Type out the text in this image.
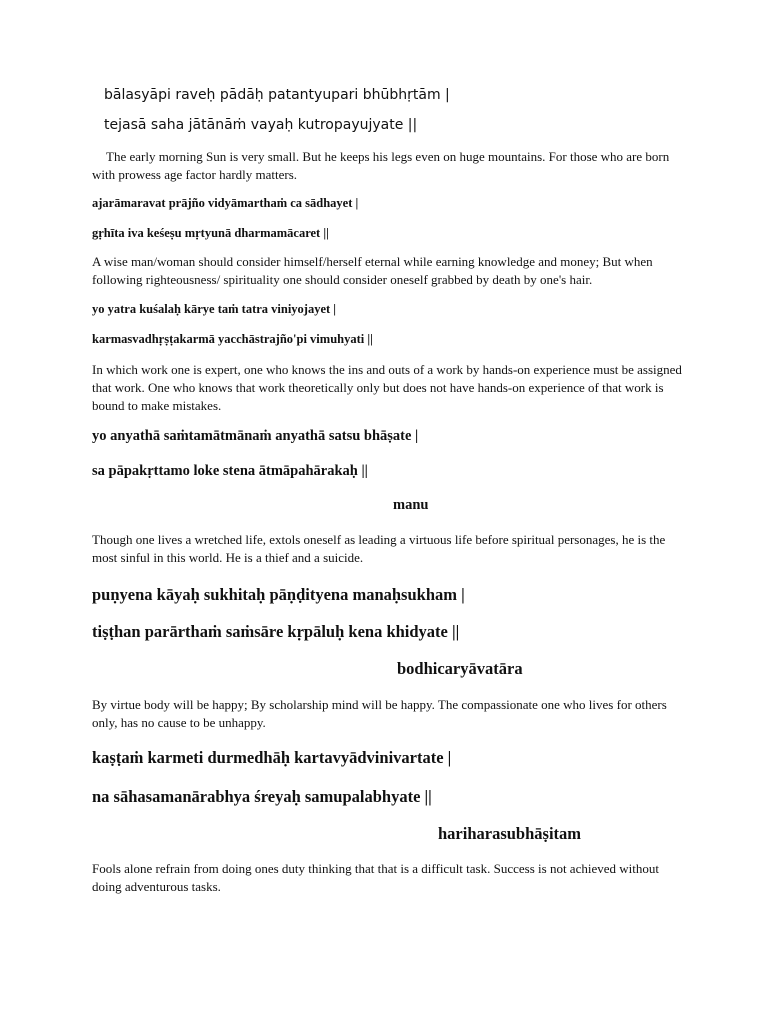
bālasyāpi raveḥ pādāḥ patantyupari bhūbhṛtām |
tejasā saha jātānāṁ vayaḥ kutropayujyate ||
The early morning Sun is very small. But he keeps his legs even on huge mountains. For those who are born with prowess age factor hardly matters.
ajarāmaravat prājño vidyāmarthaṁ ca sādhayet |
gṛhīta iva keśeṣu mṛtyunā dharmamācaret ||
A wise man/woman should consider himself/herself eternal while earning knowledge and money; But when following righteousness/ spirituality one should consider oneself grabbed by death by one's hair.
yo yatra kuśalaḥ kārye taṁ tatra viniyojayet |
karmasvadhṛṣṭakarmā yacchāstrajño'pi vimuhyati ||
In which work one is expert, one who knows the ins and outs of a work by hands-on experience must be assigned that work. One who knows that work theoretically only but does not have hands-on experience of that work is bound to make mistakes.
yo anyathā saṁtamātmānaṁ anyathā satsu bhāṣate |
sa pāpakṛttamo loke stena ātmāpahārakaḥ ||
manu
Though one lives a wretched life, extols oneself as leading a virtuous life before spiritual personages, he is the most sinful in this world. He is a thief and a suicide.
puṇyena kāyaḥ sukhitaḥ pāṇḍityena manaḥsukham |
tiṣṭhan parārthaṁ saṁsāre kṛpāluḥ kena khidyate ||
bodhicaryāvatāra
By virtue body will be happy; By scholarship mind will be happy. The compassionate one who lives for others only, has no cause to be unhappy.
kaṣṭaṁ karmeti durmedhāḥ kartavyādvinivartate |
na sāhasamanārabhya śreyaḥ samupalabhyate ||
hariharasubhāṣitam
Fools alone refrain from doing ones duty thinking that that is a difficult task. Success is not achieved without doing adventurous tasks.
